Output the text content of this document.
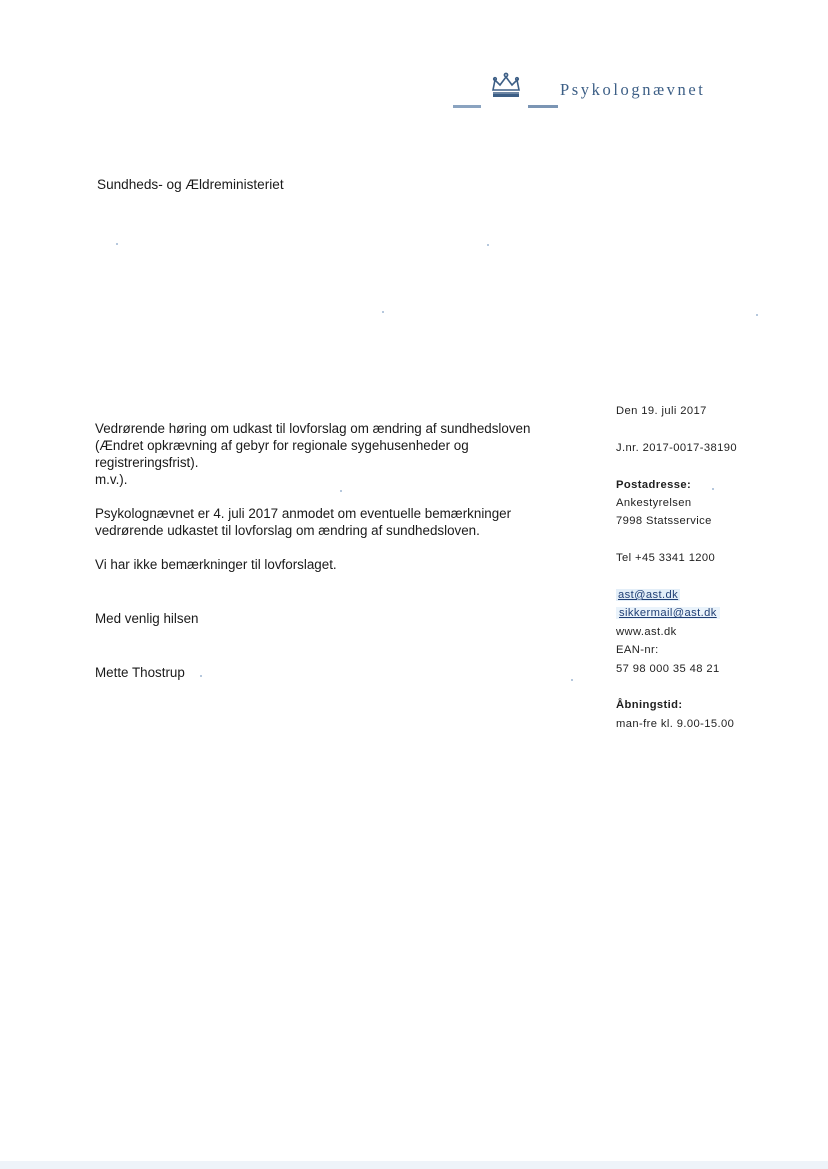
Psykolognævnet
Sundheds- og Ældreministeriet

Vedrørende høring om udkast til lovforslag om ændring af sundhedsloven
(Ændret opkrævning af gebyr for regionale sygehusenheder og
registreringsfrist).
m.v.).

Psykolognævnet er 4. juli 2017 anmodet om eventuelle bemærkninger
vedrørende udkastet til lovforslag om ændring af sundhedsloven.

Vi har ikke bemærkninger til lovforslaget.

Med venlig hilsen

Mette Thostrup

Den 19. juli 2017
J.nr. 2017-0017-38190
Postadresse:
Ankestyrelsen
7998 Statsservice
Tel +45 3341 1200
ast@ast.dk
sikkermail@ast.dk
www.ast.dk
EAN-nr:
57 98 000 35 48 21
Åbningstid:
man-fre kl. 9.00-15.00
